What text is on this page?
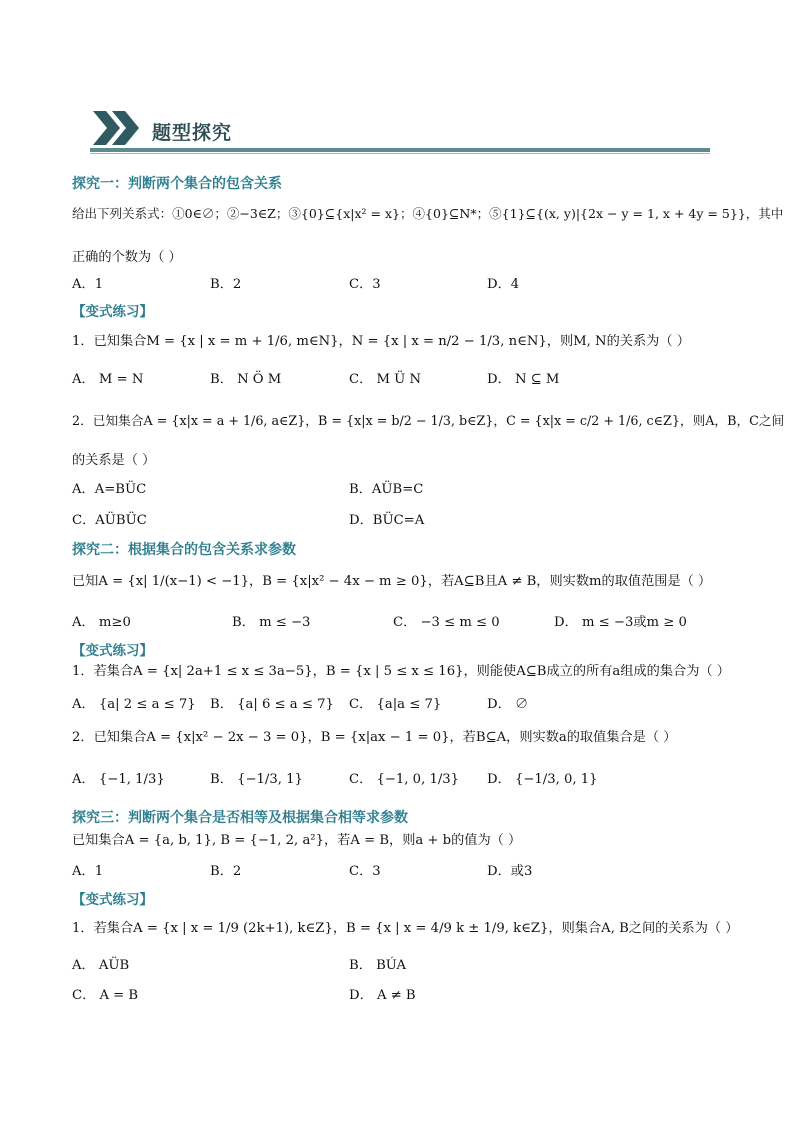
题型探究
探究一：判断两个集合的包含关系
给出下列关系式：①0∈∅；②−3∈Z；③{0}⊆{x|x² = x}；④{0}⊆N*；⑤{1}⊆{(x, y)|{2x − y = 1, x + 4y = 5}}，其中
正确的个数为（ ）
A．1	B．2	C．3	D．4
【变式练习】
1．已知集合M = {x | x = m + 1/6, m∈N}，N = {x | x = n/2 − 1/3, n∈N}，则M, N的关系为（ ）
A． M = N	B． N Ö M	C． M Ü N	D． N ⊆ M
2．已知集合A = {x|x = a + 1/6, a∈Z}，B = {x|x = b/2 − 1/3, b∈Z}，C = {x|x = c/2 + 1/6, c∈Z}，则A，B，C之间
的关系是（ ）
A．A=BÜC	B．AÜB=C
C．AÜBÜC	D．BÜC=A
探究二：根据集合的包含关系求参数
已知A = {x| 1/(x−1) < −1}，B = {x|x² − 4x − m ≥ 0}，若A⊆B且A ≠ B，则实数m的取值范围是（ ）
A． m≥0	B． m ≤ −3	C． −3 ≤ m ≤ 0	D． m ≤ −3或m ≥ 0
【变式练习】
1．若集合A = {x| 2a+1 ≤ x ≤ 3a−5}，B = {x | 5 ≤ x ≤ 16}，则能使A⊆B成立的所有a组成的集合为（ ）
A． {a| 2 ≤ a ≤ 7} B． {a| 6 ≤ a ≤ 7} C． {a|a ≤ 7}	D． ∅
2．已知集合A = {x|x² − 2x − 3 = 0}，B = {x|ax − 1 = 0}，若B⊆A，则实数a的取值集合是（ ）
A． {−1, 1/3}	B． {−1/3, 1}	C． {−1, 0, 1/3} D． {−1/3, 0, 1}
探究三：判断两个集合是否相等及根据集合相等求参数
已知集合A = {a, b, 1}, B = {−1, 2, a²}，若A = B，则a + b的值为（ ）
A．1	B．2	C．3	D．或3
【变式练习】
1．若集合A = {x | x = 1/9 (2k+1), k∈Z}，B = {x | x = 4/9 k ± 1/9, k∈Z}，则集合A, B之间的关系为（ ）
A． AÜB	B． BÚA
C． A = B	D． A ≠ B
